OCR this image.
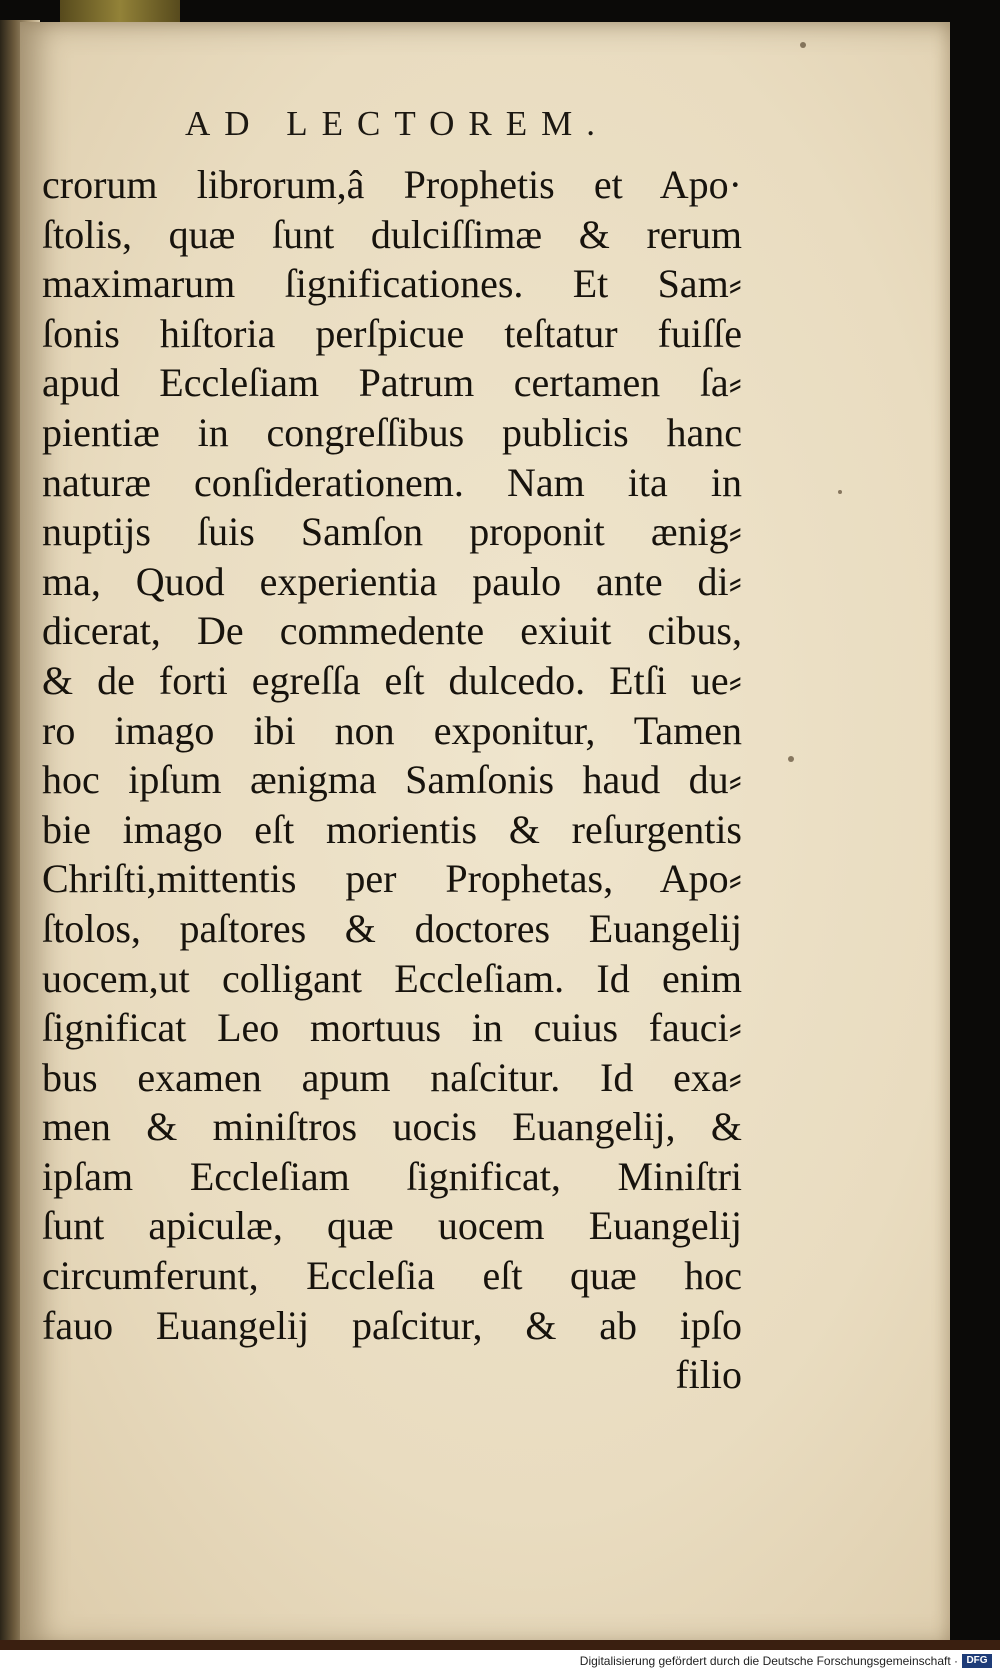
AD LECTOREM.
crorum librorum,â Prophetis et Apo·
ſtolis, quæ ſunt dulciſſimæ & rerum
maximarum ſignificationes. Et Sam⸗
ſonis hiſtoria perſpicue teſtatur fuiſſe
apud Eccleſiam Patrum certamen ſa⸗
pientiæ in congreſſibus publicis hanc
naturæ conſiderationem. Nam ita in
nuptijs ſuis Samſon proponit ænig⸗
ma, Quod experientia paulo ante di⸗
dicerat, De commedente exiuit cibus,
& de forti egreſſa eſt dulcedo. Etſi ue⸗
ro imago ibi non exponitur, Tamen
hoc ipſum ænigma Samſonis haud du⸗
bie imago eſt morientis & reſurgentis
Chriſti,mittentis per Prophetas, Apo⸗
ſtolos, paſtores & doctores Euangelij
uocem,ut colligant Eccleſiam. Id enim
ſignificat Leo mortuus in cuius fauci⸗
bus examen apum naſcitur. Id exa⸗
men & miniſtros uocis Euangelij, &
ipſam Eccleſiam ſignificat, Miniſtri
ſunt apiculæ, quæ uocem Euangelij
circumferunt, Eccleſia eſt quæ hoc
fauo Euangelij paſcitur, & ab ipſo
filio
Digitalisierung gefördert durch die Deutsche Forschungsgemeinschaft · DFG
